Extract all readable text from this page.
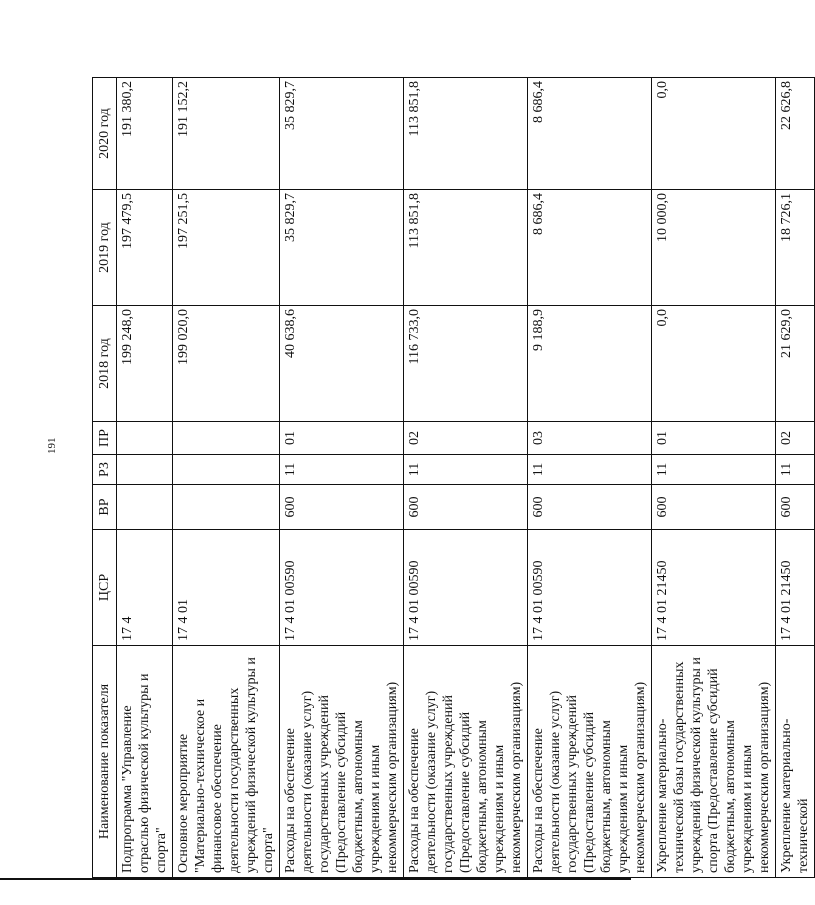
191
Наименование показателя	ЦСР	ВР	РЗ	ПР	2018 год	2019 год	2020 год
Подпрограмма "Управление отраслью физической культуры и спорта"	17 4				199 248,0	197 479,5	191 380,2
Основное мероприятие "Материально-техническое и финансовое обеспечение деятельности государственных учреждений физической культуры и спорта"	17 4 01				199 020,0	197 251,5	191 152,2
Расходы на обеспечение деятельности (оказание услуг) государственных учреждений (Предоставление субсидий бюджетным, автономным учреждениям и иным некоммерческим организациям)	17 4 01 00590	600	11	01	40 638,6	35 829,7	35 829,7
Расходы на обеспечение деятельности (оказание услуг) государственных учреждений (Предоставление субсидий бюджетным, автономным учреждениям и иным некоммерческим организациям)	17 4 01 00590	600	11	02	116 733,0	113 851,8	113 851,8
Расходы на обеспечение деятельности (оказание услуг) государственных учреждений (Предоставление субсидий бюджетным, автономным учреждениям и иным некоммерческим организациям)	17 4 01 00590	600	11	03	9 188,9	8 686,4	8 686,4
Укрепление материально-технической базы государственных учреждений физической культуры и спорта (Предоставление субсидий бюджетным, автономным учреждениям и иным некоммерческим организациям)	17 4 01 21450	600	11	01	0,0	10 000,0	0,0
Укрепление материально-технической	17 4 01 21450	600	11	02	21 629,0	18 726,1	22 626,8
